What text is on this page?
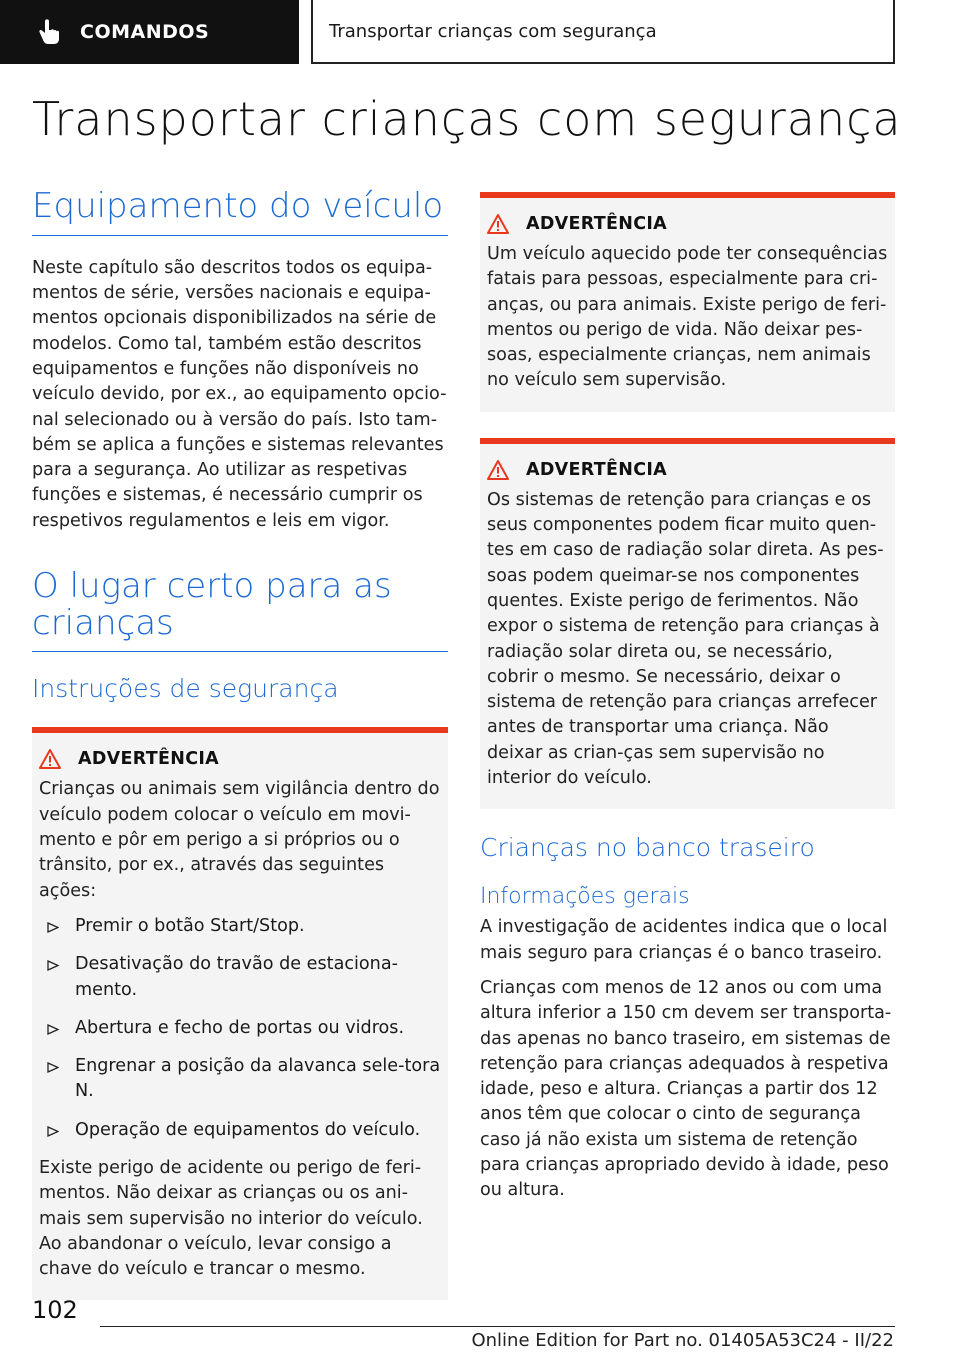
COMANDOS	Transportar crianças com segurança
Transportar crianças com segurança
Equipamento do veículo

Neste capítulo são descritos todos os equipa-mentos de série, versões nacionais e equipa-mentos opcionais disponibilizados na série de modelos. Como tal, também estão descritos equipamentos e funções não disponíveis no veículo devido, por ex., ao equipamento opcio-nal selecionado ou à versão do país. Isto tam-bém se aplica a funções e sistemas relevantes para a segurança. Ao utilizar as respetivas funções e sistemas, é necessário cumprir os respetivos regulamentos e leis em vigor.

O lugar certo para as crianças
Instruções de segurança
ADVERTÊNCIA

Crianças ou animais sem vigilância dentro do veículo podem colocar o veículo em movi-mento e pôr em perigo a si próprios ou o trânsito, por ex., através das seguintes ações:

Premir o botão Start/Stop.
Desativação do travão de estaciona-mento.
Abertura e fecho de portas ou vidros.
Engrenar a posição da alavanca sele-tora N.
Operação de equipamentos do veículo.

Existe perigo de acidente ou perigo de feri-mentos. Não deixar as crianças ou os ani-mais sem supervisão no interior do veículo. Ao abandonar o veículo, levar consigo a chave do veículo e trancar o mesmo.

ADVERTÊNCIA

Um veículo aquecido pode ter consequências fatais para pessoas, especialmente para cri-anças, ou para animais. Existe perigo de feri-mentos ou perigo de vida. Não deixar pes-soas, especialmente crianças, nem animais no veículo sem supervisão.

ADVERTÊNCIA

Os sistemas de retenção para crianças e os seus componentes podem ficar muito quen-tes em caso de radiação solar direta. As pes-soas podem queimar-se nos componentes quentes. Existe perigo de ferimentos. Não expor o sistema de retenção para crianças à radiação solar direta ou, se necessário, cobrir o mesmo. Se necessário, deixar o sistema de retenção para crianças arrefecer antes de transportar uma criança. Não deixar as crian-ças sem supervisão no interior do veículo.

Crianças no banco traseiro
Informações gerais

A investigação de acidentes indica que o local mais seguro para crianças é o banco traseiro.

Crianças com menos de 12 anos ou com uma altura inferior a 150 cm devem ser transporta-das apenas no banco traseiro, em sistemas de retenção para crianças adequados à respetiva idade, peso e altura. Crianças a partir dos 12 anos têm que colocar o cinto de segurança caso já não exista um sistema de retenção para crianças apropriado devido à idade, peso ou altura.

102
Online Edition for Part no. 01405A53C24 - II/22
